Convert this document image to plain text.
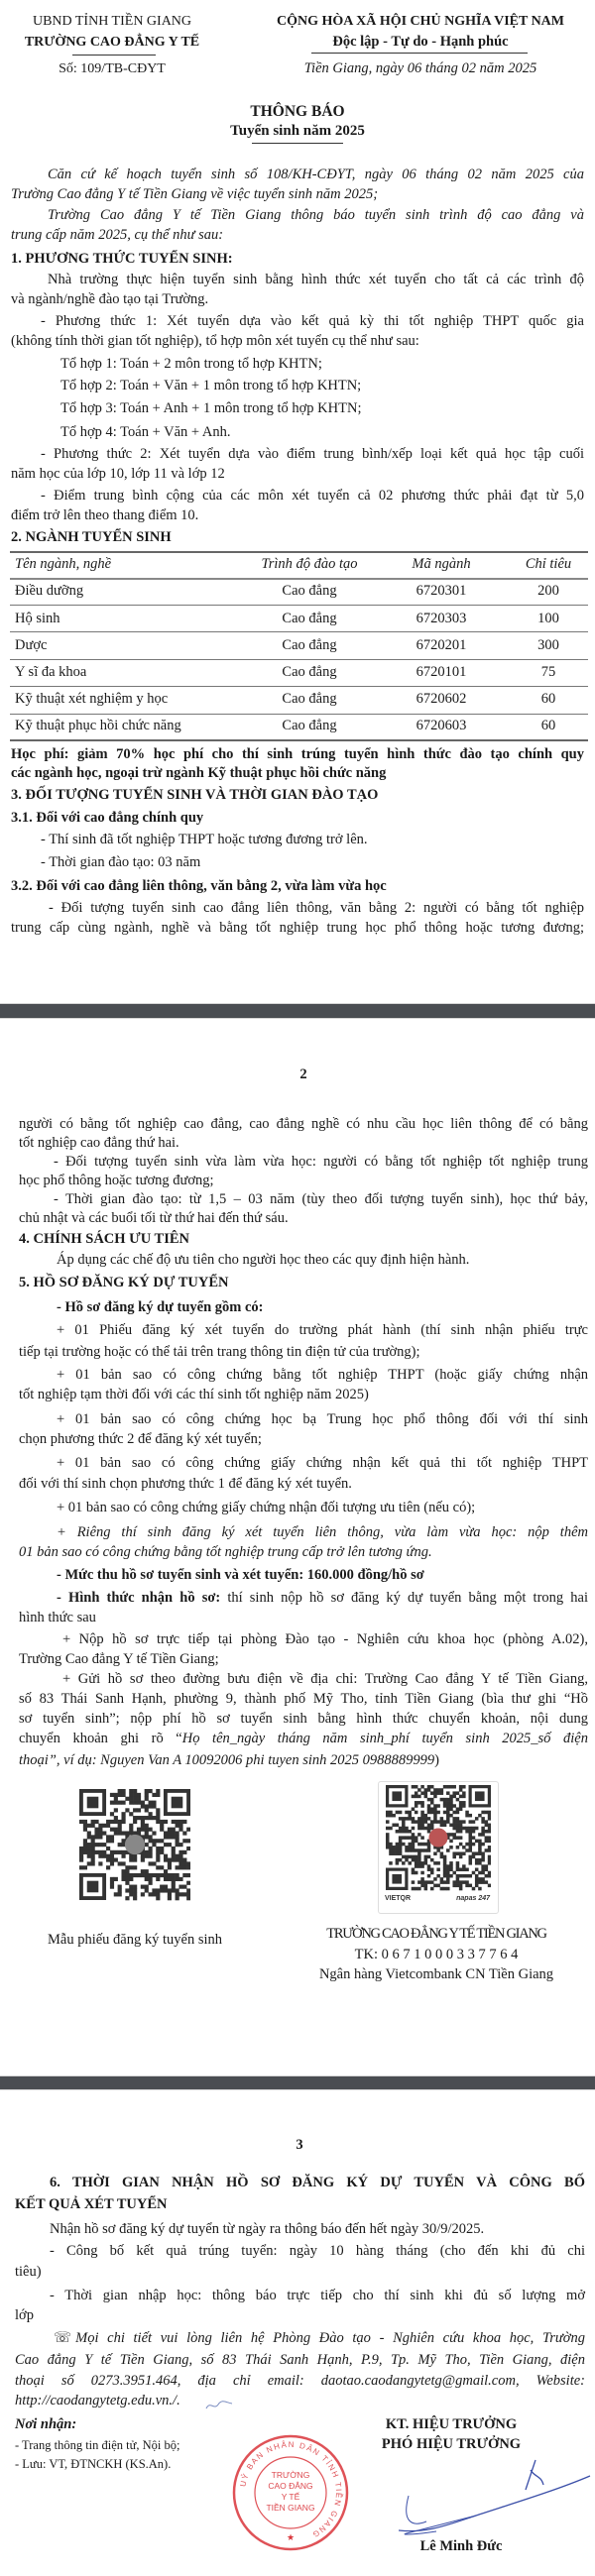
UBND TỈNH TIỀN GIANG
TRƯỜNG CAO ĐẲNG Y TẾ
Số: 109/TB-CĐYT
CỘNG HÒA XÃ HỘI CHỦ NGHĨA VIỆT NAM
Độc lập - Tự do - Hạnh phúc
Tiền Giang, ngày 06 tháng 02 năm 2025
THÔNG BÁO
Tuyển sinh năm 2025
Căn cứ kế hoạch tuyển sinh số 108/KH-CĐYT, ngày 06 tháng 02 năm 2025 của
Trường Cao đẳng Y tế Tiền Giang về việc tuyển sinh năm 2025;
Trường Cao đẳng Y tế Tiền Giang thông báo tuyển sinh trình độ cao đẳng và
trung cấp năm 2025, cụ thể như sau:
1. PHƯƠNG THỨC TUYỂN SINH:
Nhà trường thực hiện tuyển sinh bằng hình thức xét tuyển cho tất cả các trình độ
và ngành/nghề đào tạo tại Trường.
- Phương thức 1: Xét tuyển dựa vào kết quả kỳ thi tốt nghiệp THPT quốc gia
(không tính thời gian tốt nghiệp), tổ hợp môn xét tuyển cụ thể như sau:
Tổ hợp 1: Toán + 2 môn trong tổ hợp KHTN;
Tổ hợp 2: Toán + Văn + 1 môn trong tổ hợp KHTN;
Tổ hợp 3: Toán + Anh + 1 môn trong tổ hợp KHTN;
Tổ hợp 4: Toán + Văn + Anh.
- Phương thức 2: Xét tuyển dựa vào điểm trung bình/xếp loại kết quả học tập cuối
năm học của lớp 10, lớp 11 và lớp 12
- Điểm trung bình cộng của các môn xét tuyển cả 02 phương thức phải đạt từ 5,0
điểm trở lên theo thang điểm 10.
2. NGÀNH TUYỂN SINH
Tên ngành, nghề	Trình độ đào tạo	Mã ngành	Chỉ tiêu
Điều dưỡng	Cao đẳng	6720301	200
Hộ sinh	Cao đẳng	6720303	100
Dược	Cao đẳng	6720201	300
Y sĩ đa khoa	Cao đẳng	6720101	75
Kỹ thuật xét nghiệm y học	Cao đẳng	6720602	60
Kỹ thuật phục hồi chức năng	Cao đẳng	6720603	60
Học phí: giảm 70% học phí cho thí sinh trúng tuyển hình thức đào tạo chính quy
các ngành học, ngoại trừ ngành Kỹ thuật phục hồi chức năng
3. ĐỐI TƯỢNG TUYỂN SINH VÀ THỜI GIAN ĐÀO TẠO
3.1. Đối với cao đẳng chính quy
- Thí sinh đã tốt nghiệp THPT hoặc tương đương trở lên.
- Thời gian đào tạo: 03 năm
3.2. Đối với cao đẳng liên thông, văn bằng 2, vừa làm vừa học
- Đối tượng tuyển sinh cao đẳng liên thông, văn bằng 2: người có bằng tốt nghiệp
trung cấp cùng ngành, nghề và bằng tốt nghiệp trung học phổ thông hoặc tương đương;
2
người có bằng tốt nghiệp cao đẳng, cao đẳng nghề có nhu cầu học liên thông để có bằng
tốt nghiệp cao đẳng thứ hai.
- Đối tượng tuyển sinh vừa làm vừa học: người có bằng tốt nghiệp tốt nghiệp trung
học phổ thông hoặc tương đương;
- Thời gian đào tạo: từ 1,5 – 03 năm (tùy theo đối tượng tuyển sinh), học thứ bảy,
chủ nhật và các buổi tối từ thứ hai đến thứ sáu.
4. CHÍNH SÁCH ƯU TIÊN
Áp dụng các chế độ ưu tiên cho người học theo các quy định hiện hành.
5. HỒ SƠ ĐĂNG KÝ DỰ TUYỂN
- Hồ sơ đăng ký dự tuyển gồm có:
+ 01 Phiếu đăng ký xét tuyển do trường phát hành (thí sinh nhận phiếu trực
tiếp tại trường hoặc có thể tải trên trang thông tin điện tử của trường);
+ 01 bản sao có công chứng bằng tốt nghiệp THPT (hoặc giấy chứng nhận
tốt nghiệp tạm thời đối với các thí sinh tốt nghiệp năm 2025)
+ 01 bản sao có công chứng học bạ Trung học phổ thông đối với thí sinh
chọn phương thức 2 để đăng ký xét tuyển;
+ 01 bản sao có công chứng giấy chứng nhận kết quả thi tốt nghiệp THPT
đối với thí sinh chọn phương thức 1 để đăng ký xét tuyển.
+ 01 bản sao có công chứng giấy chứng nhận đối tượng ưu tiên (nếu có);
+ Riêng thí sinh đăng ký xét tuyển liên thông, vừa làm vừa học: nộp thêm
01 bản sao có công chứng bằng tốt nghiệp trung cấp trở lên tương ứng.
- Mức thu hồ sơ tuyển sinh và xét tuyển: 160.000 đồng/hồ sơ
- Hình thức nhận hồ sơ: thí sinh nộp hồ sơ đăng ký dự tuyển bằng một trong hai
hình thức sau
+ Nộp hồ sơ trực tiếp tại phòng Đào tạo - Nghiên cứu khoa học (phòng A.02),
Trường Cao đẳng Y tế Tiền Giang;
+ Gửi hồ sơ theo đường bưu điện về địa chỉ: Trường Cao đẳng Y tế Tiền Giang,
số 83 Thái Sanh Hạnh, phường 9, thành phố Mỹ Tho, tỉnh Tiền Giang (bìa thư ghi “Hồ
sơ tuyển sinh”; nộp phí hồ sơ tuyển sinh bằng hình thức chuyển khoản, nội dung
chuyển khoản ghi rõ “Họ tên_ngày tháng năm sinh_phí tuyển sinh 2025_số điện
thoại”, ví dụ: Nguyen Van A 10092006 phi tuyen sinh 2025 0988889999)
VIETQR	napas 247
Mẫu phiếu đăng ký tuyển sinh	TRƯỜNG CAO ĐẲNG Y TẾ TIỀN GIANG
TK: 0 6 7 1 0 0 0 3 3 7 7 6 4
Ngân hàng Vietcombank CN Tiền Giang
3
6. THỜI GIAN NHẬN HỒ SƠ ĐĂNG KÝ DỰ TUYỂN VÀ CÔNG BỐ
KẾT QUẢ XÉT TUYỂN
Nhận hồ sơ đăng ký dự tuyển từ ngày ra thông báo đến hết ngày 30/9/2025.
- Công bố kết quả trúng tuyển: ngày 10 hàng tháng (cho đến khi đủ chi
tiêu)
- Thời gian nhập học: thông báo trực tiếp cho thí sinh khi đủ số lượng mở
lớp
☏ Mọi chi tiết vui lòng liên hệ Phòng Đào tạo - Nghiên cứu khoa học, Trường
Cao đẳng Y tế Tiền Giang, số 83 Thái Sanh Hạnh, P.9, Tp. Mỹ Tho, Tiền Giang, điện
thoại số 0273.3951.464, địa chỉ email: daotao.caodangytetg@gmail.com, Website:
http://caodangytetg.edu.vn./.
Nơi nhận:
- Trang thông tin điện tử, Nội bộ;
- Lưu: VT, ĐTNCKH (KS.An).
UỶ BAN NHÂN DÂN TỈNH TIỀN GIANG
TRƯỜNG
CAO ĐẲNG
Y TẾ
TIỀN GIANG
★
KT. HIỆU TRƯỞNG
PHÓ HIỆU TRƯỞNG
Lê Minh Đức
